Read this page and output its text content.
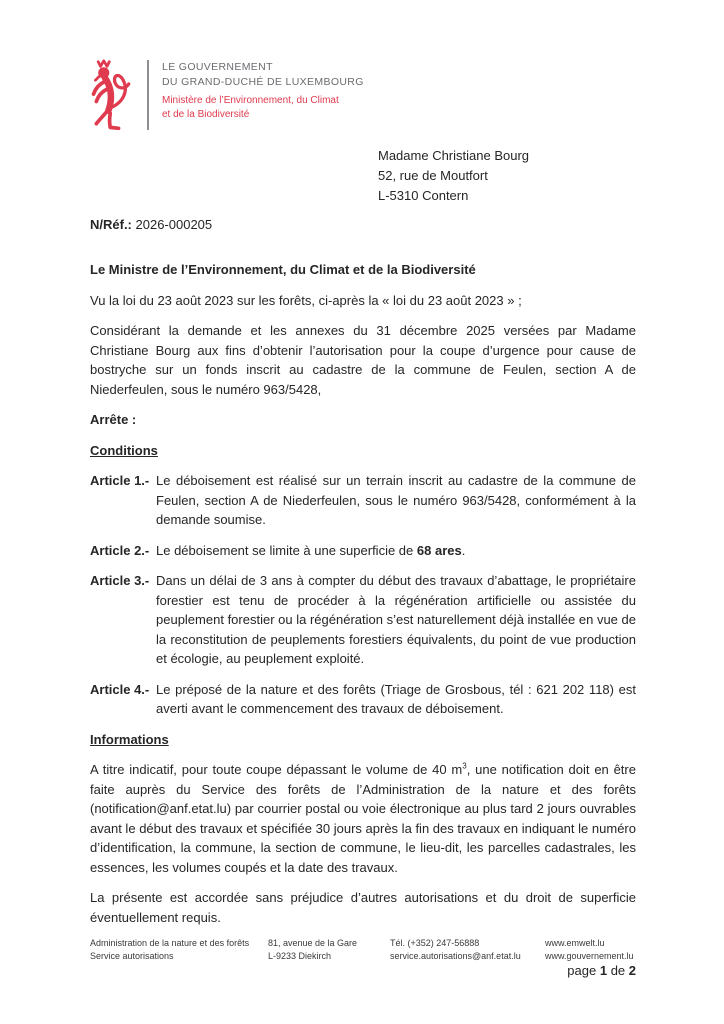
LE GOUVERNEMENT
DU GRAND-DUCHÉ DE LUXEMBOURG
Ministère de l’Environnement, du Climat
et de la Biodiversité
Madame Christiane Bourg
52, rue de Moutfort
L-5310 Contern
N/Réf.: 2026-000205

Le Ministre de l’Environnement, du Climat et de la Biodiversité

Vu la loi du 23 août 2023 sur les forêts, ci-après la « loi du 23 août 2023 » ;

Considérant la demande et les annexes du 31 décembre 2025 versées par Madame Christiane Bourg aux fins d’obtenir l’autorisation pour la coupe d’urgence pour cause de bostryche sur un fonds inscrit au cadastre de la commune de Feulen, section A de Niederfeulen, sous le numéro 963/5428,

Arrête :

Conditions

Article 1.- Le déboisement est réalisé sur un terrain inscrit au cadastre de la commune de Feulen, section A de Niederfeulen, sous le numéro 963/5428, conformément à la demande soumise.
Article 2.- Le déboisement se limite à une superficie de 68 ares.
Article 3.- Dans un délai de 3 ans à compter du début des travaux d’abattage, le propriétaire forestier est tenu de procéder à la régénération artificielle ou assistée du peuplement forestier ou la régénération s’est naturellement déjà installée en vue de la reconstitution de peuplements forestiers équivalents, du point de vue production et écologie, au peuplement exploité.
Article 4.- Le préposé de la nature et des forêts (Triage de Grosbous, tél : 621 202 118) est averti avant le commencement des travaux de déboisement.

Informations

A titre indicatif, pour toute coupe dépassant le volume de 40 $m^3$, une notification doit en être faite auprès du Service des forêts de l’Administration de la nature et des forêts (notification@anf.etat.lu) par courrier postal ou voie électronique au plus tard 2 jours ouvrables avant le début des travaux et spécifiée 30 jours après la fin des travaux en indiquant le numéro d’identification, la commune, la section de commune, le lieu-dit, les parcelles cadastrales, les essences, les volumes coupés et la date des travaux.

La présente est accordée sans préjudice d’autres autorisations et du droit de superficie éventuellement requis.

Administration de la nature et des forêts
Service autorisations
81, avenue de la Gare
L-9233 Diekirch
Tél. (+352) 247-56888
service.autorisations@anf.etat.lu
www.emwelt.lu
www.gouvernement.lu
page 1 de 2
